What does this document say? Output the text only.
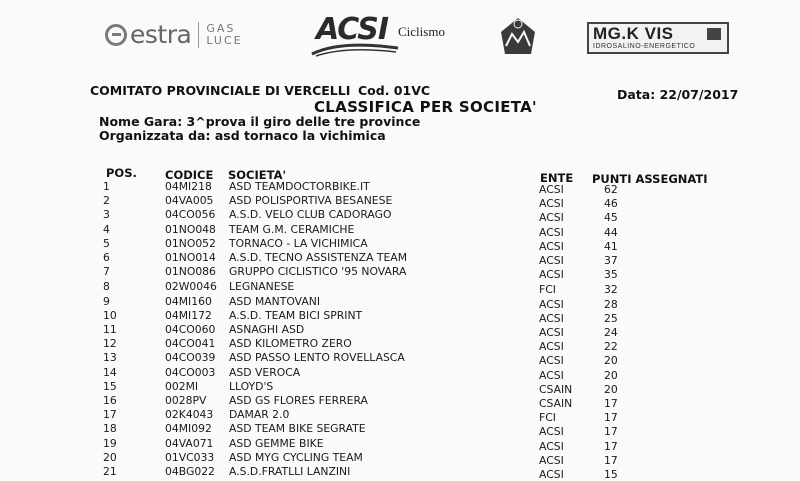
estra GAS
LUCE ACSI Ciclismo	MG.K VIS
IDROSALINO-ENERGETICO
COMITATO PROVINCIALE DI VERCELLI Cod. 01VC	Data: 22/07/2017
CLASSIFICA PER SOCIETA'
Nome Gara: 3^prova il giro delle tre province
Organizzata da: asd tornaco la vichimica
POS. CODICE SOCIETA'	ENTE PUNTI ASSEGNATI
1	04MI218 ASD TEAMDOCTORBIKE.IT	ACSI	62
2	04VA005 ASD POLISPORTIVA BESANESE	ACSI	46
3	04CO056 A.S.D. VELO CLUB CADORAGO	ACSI	45
4	01NO048 TEAM G.M. CERAMICHE	ACSI	44
5	01NO052 TORNACO - LA VICHIMICA	ACSI	41
6	01NO014 A.S.D. TECNO ASSISTENZA TEAM	ACSI	37
7	01NO086 GRUPPO CICLISTICO '95 NOVARA	ACSI	35
8	02W0046 LEGNANESE	FCI	32
9	04MI160 ASD MANTOVANI	ACSI	28
10	04MI172 A.S.D. TEAM BICI SPRINT	ACSI	25
11	04CO060 ASNAGHI ASD	ACSI	24
12	04CO041 ASD KILOMETRO ZERO	ACSI	22
13	04CO039 ASD PASSO LENTO ROVELLASCA	ACSI	20
14	04CO003 ASD VEROCA	ACSI	20
15	002MI	LLOYD'S	CSAIN	20
16	0028PV ASD GS FLORES FERRERA	CSAIN	17
17	02K4043 DAMAR 2.0	FCI	17
18	04MI092 ASD TEAM BIKE SEGRATE	ACSI	17
19	04VA071 ASD GEMME BIKE	ACSI	17
20	01VC033 ASD MYG CYCLING TEAM	ACSI	17
21	04BG022 A.S.D.FRATLLI LANZINI	ACSI	15
